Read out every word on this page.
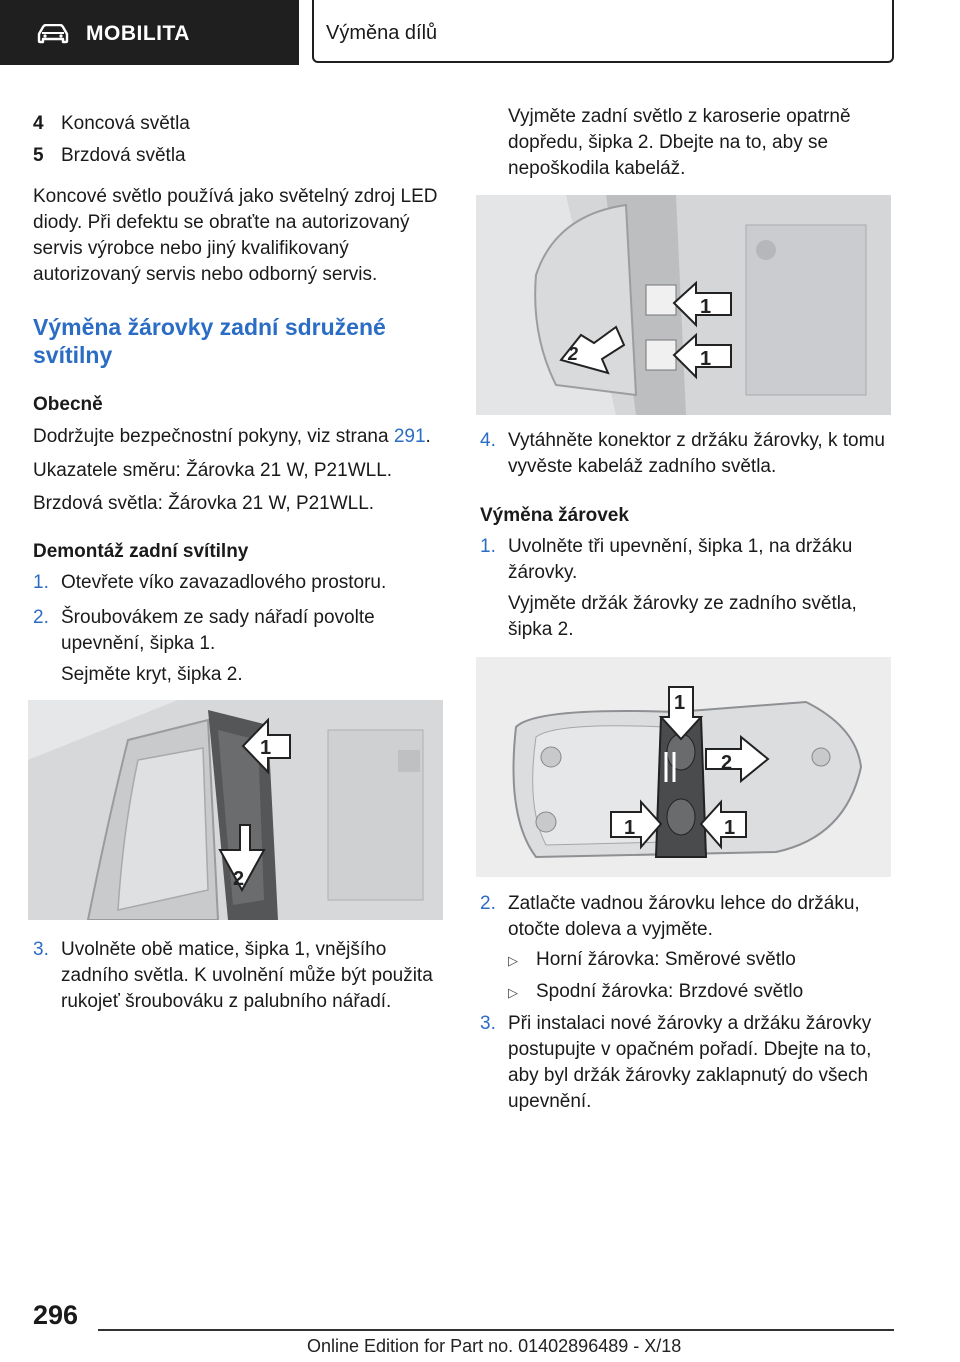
MOBILITA	Výměna dílů
4 Koncová světla
5 Brzdová světla

Koncové světlo používá jako světelný zdroj LED diody. Při defektu se obraťte na autorizovaný servis výrobce nebo jiný kvalifikovaný autorizovaný servis nebo odborný servis.

Výměna žárovky zadní sdružené svítilny
Obecně

Dodržujte bezpečnostní pokyny, viz strana 291.

Ukazatele směru: Žárovka 21 W, P21WLL.

Brzdová světla: Žárovka 21 W, P21WLL.

Demontáž zadní svítilny
1. Otevřete víko zavazadlového prostoru.
2. Šroubovákem ze sady nářadí povolte upevnění, šipka 1.

Sejměte kryt, šipka 2.

1
2
3. Uvolněte obě matice, šipka 1, vnějšího zadního světla. K uvolnění může být použita rukojeť šroubováku z palubního nářadí.

Vyjměte zadní světlo z karoserie opatrně dopředu, šipka 2. Dbejte na to, aby se nepoškodila kabeláž.

1
1
2
4. Vytáhněte konektor z držáku žárovky, k tomu vyvěste kabeláž zadního světla.
Výměna žárovek
1. Uvolněte tři upevnění, šipka 1, na držáku žárovky.

Vyjměte držák žárovky ze zadního světla, šipka 2.

1
2
1	1
2. Zatlačte vadnou žárovku lehce do držáku, otočte doleva a vyjměte.
▷ Horní žárovka: Směrové světlo
▷ Spodní žárovka: Brzdové světlo
3. Při instalaci nové žárovky a držáku žárovky postupujte v opačném pořadí. Dbejte na to, aby byl držák žárovky zaklapnutý do všech upevnění.
296
Online Edition for Part no. 01402896489 - X/18
